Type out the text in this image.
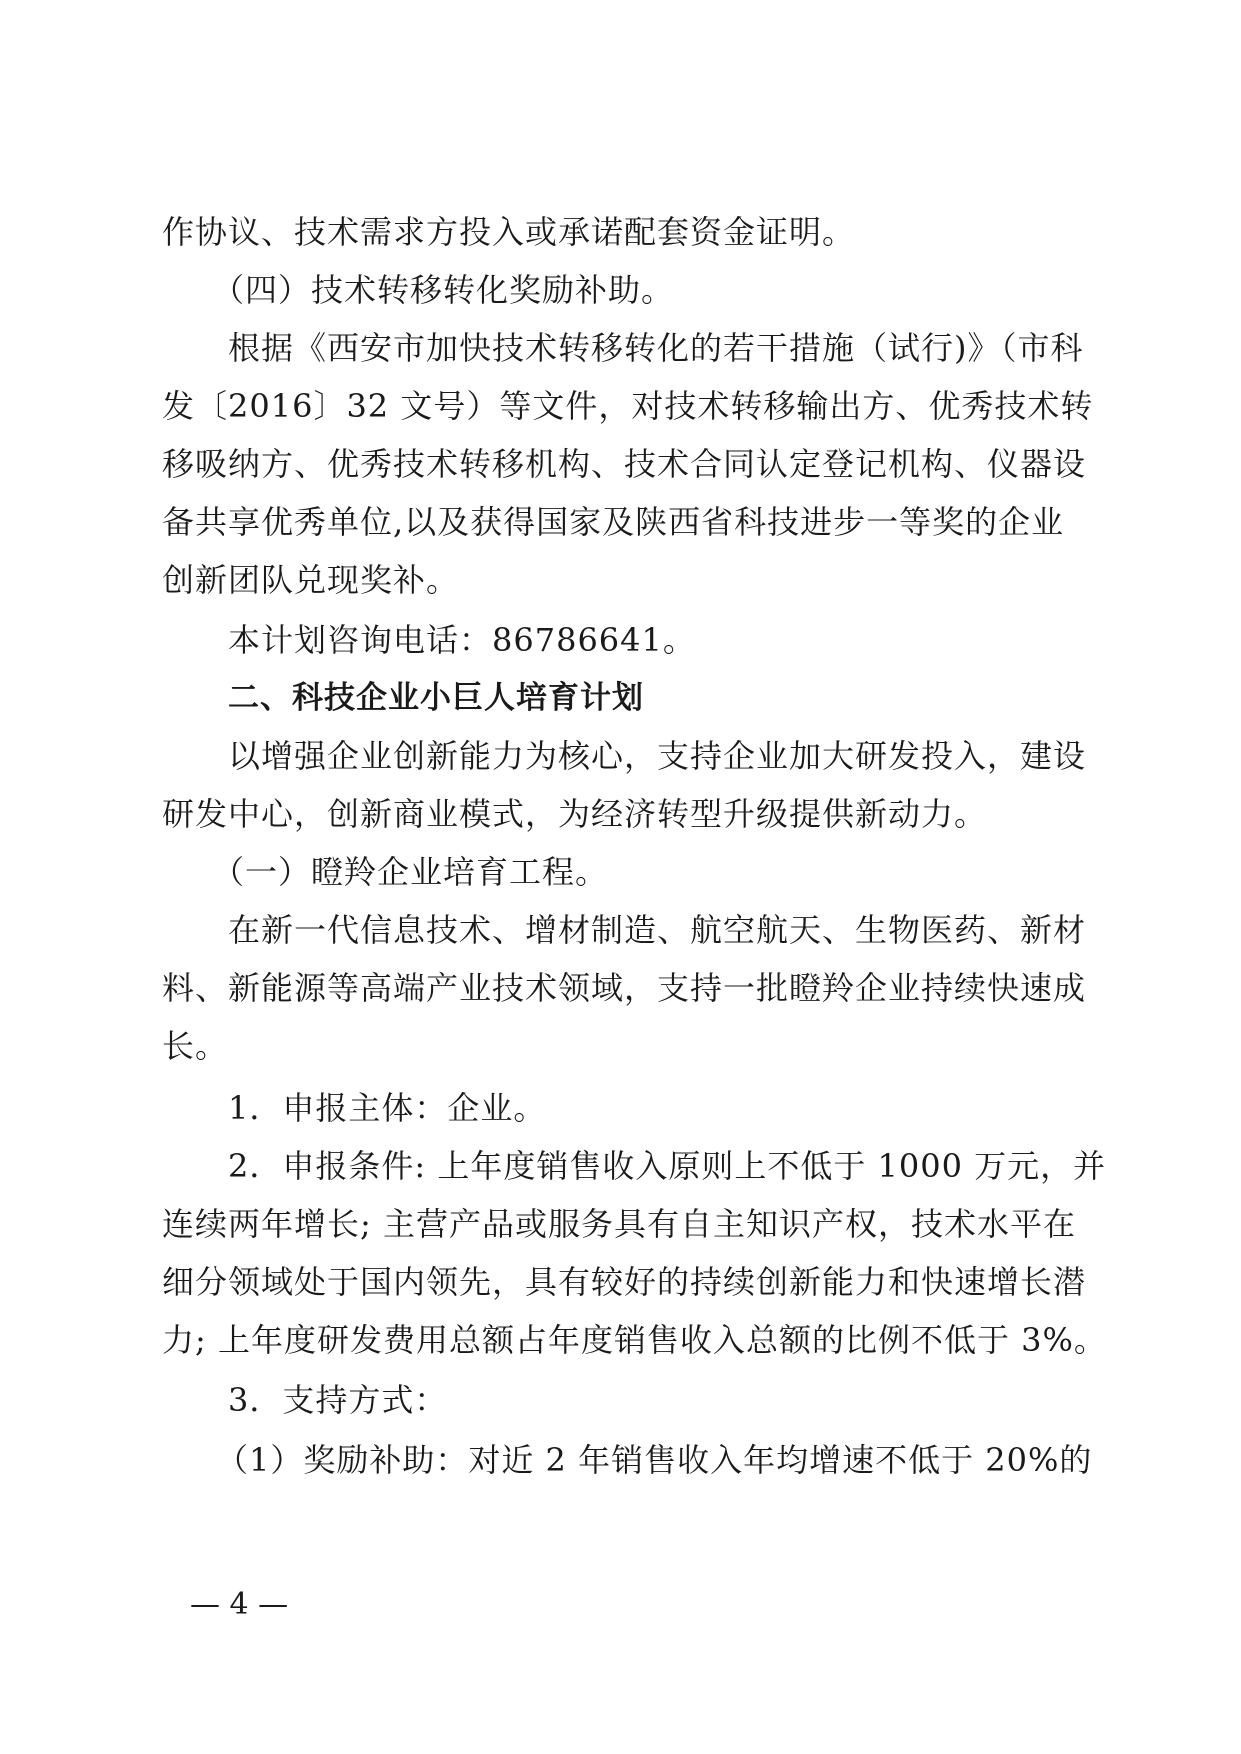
作协议、技术需求方投入或承诺配套资金证明。
（四）技术转移转化奖励补助。
根据《西安市加快技术转移转化的若干措施（试行)》（市科
发〔2016〕32 文号）等文件，对技术转移输出方、优秀技术转
移吸纳方、优秀技术转移机构、技术合同认定登记机构、仪器设
备共享优秀单位,以及获得国家及陕西省科技进步一等奖的企业
创新团队兑现奖补。
本计划咨询电话：86786641。
二、科技企业小巨人培育计划
以增强企业创新能力为核心，支持企业加大研发投入，建设
研发中心，创新商业模式，为经济转型升级提供新动力。
（一）瞪羚企业培育工程。
在新一代信息技术、增材制造、航空航天、生物医药、新材
料、新能源等高端产业技术领域，支持一批瞪羚企业持续快速成
长。
1．申报主体：企业。
2．申报条件: 上年度销售收入原则上不低于 1000 万元，并
连续两年增长; 主营产品或服务具有自主知识产权，技术水平在
细分领域处于国内领先，具有较好的持续创新能力和快速增长潜
力; 上年度研发费用总额占年度销售收入总额的比例不低于 3%。
3．支持方式：
（1）奖励补助：对近 2 年销售收入年均增速不低于 20%的
— 4 —
